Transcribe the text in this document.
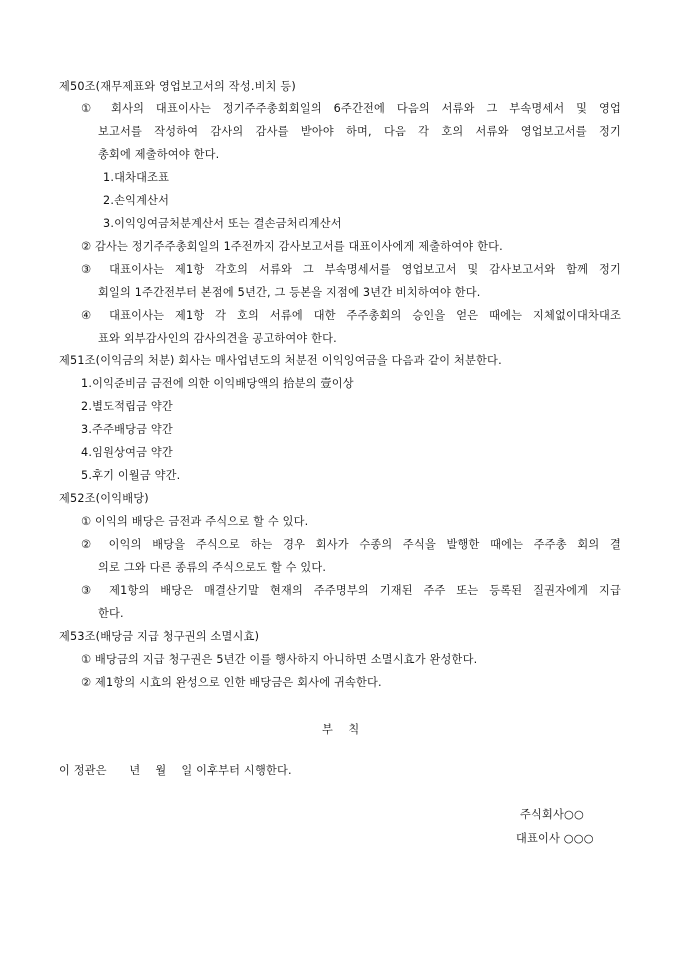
제50조(재무제표와 영업보고서의 작성.비치 등)
① 회사의 대표이사는 정기주주총회회일의 6주간전에 다음의 서류와 그 부속명세서 및 영업
보고서를 작성하여 감사의 감사를 받아야 하며, 다음 각 호의 서류와 영업보고서를 정기
총회에 제출하여야 한다.
1.대차대조표
2.손익계산서
3.이익잉여금처분계산서 또는 결손금처리계산서
② 감사는 정기주주총회일의 1주전까지 감사보고서를 대표이사에게 제출하여야 한다.
③ 대표이사는 제1항 각호의 서류와 그 부속명세서를 영업보고서 및 감사보고서와 함께 정기
회일의 1주간전부터 본점에 5년간, 그 등본을 지점에 3년간 비치하여야 한다.
④ 대표이사는 제1항 각 호의 서류에 대한 주주총회의 승인을 얻은 때에는 지체없이대차대조
표와 외부감사인의 감사의견을 공고하여야 한다.
제51조(이익금의 처분) 회사는 매사업년도의 처분전 이익잉여금을 다음과 같이 처분한다.
1.이익준비금 금전에 의한 이익배당액의 拾분의 壹이상
2.별도적립금 약간
3.주주배당금 약간
4.임원상여금 약간
5.후기 이월금 약간.
제52조(이익배당)
① 이익의 배당은 금전과 주식으로 할 수 있다.
② 이익의 배당을 주식으로 하는 경우 회사가 수종의 주식을 발행한 때에는 주주총 회의 결
의로 그와 다른 종류의 주식으로도 할 수 있다.
③ 제1항의 배당은 매결산기말 현재의 주주명부의 기재된 주주 또는 등록된 질권자에게 지급
한다.
제53조(배당금 지급 청구권의 소멸시효)
① 배당금의 지급 청구권은 5년간 이를 행사하지 아니하면 소멸시효가 완성한다.
② 제1항의 시효의 완성으로 인한 배당금은 회사에 귀속한다.
부 칙
이 정관은      년    월    일 이후부터 시행한다.
주식회사○○
대표이사 ○○○
